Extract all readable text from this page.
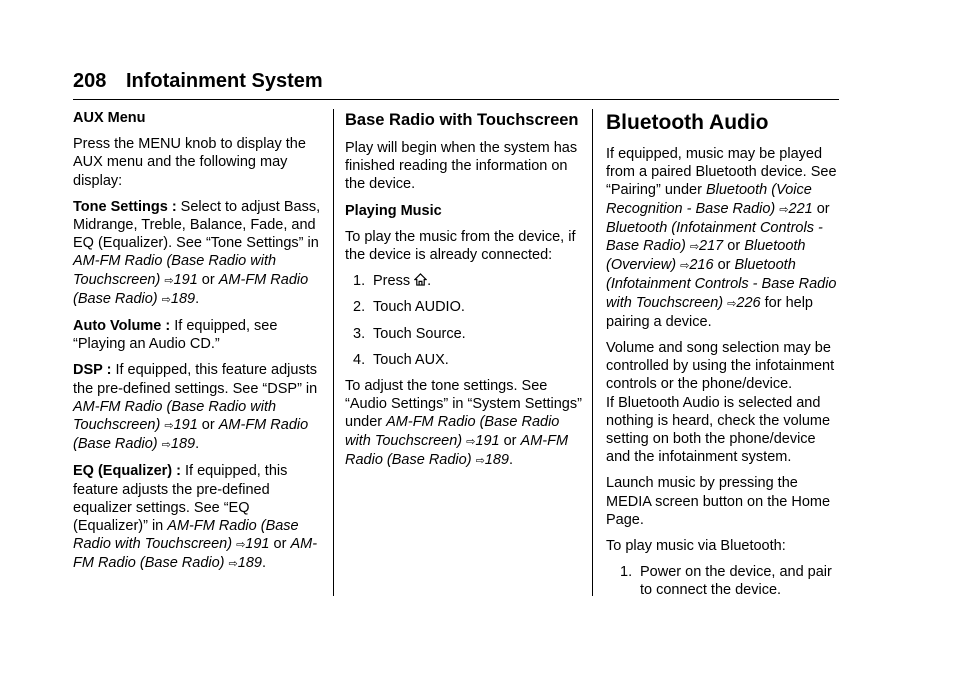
208 Infotainment System

AUX Menu

Press the MENU knob to display the AUX menu and the following may display:

Tone Settings : Select to adjust Bass, Midrange, Treble, Balance, Fade, and EQ (Equalizer). See “Tone Settings” in AM-FM Radio (Base Radio with Touchscreen) ⇨191 or AM-FM Radio (Base Radio) ⇨189.

Auto Volume : If equipped, see “Playing an Audio CD.”

DSP : If equipped, this feature adjusts the pre-defined settings. See “DSP” in AM-FM Radio (Base Radio with Touchscreen) ⇨191 or AM-FM Radio (Base Radio) ⇨189.

EQ (Equalizer) : If equipped, this feature adjusts the pre-defined equalizer settings. See “EQ (Equalizer)” in AM-FM Radio (Base Radio with Touchscreen) ⇨191 or AM-FM Radio (Base Radio) ⇨189.

Base Radio with Touchscreen

Play will begin when the system has finished reading the information on the device.

Playing Music

To play the music from the device, if the device is already connected:

1. Press .
2. Touch AUDIO.
3. Touch Source.
4. Touch AUX.

To adjust the tone settings. See “Audio Settings” in “System Settings” under AM-FM Radio (Base Radio with Touchscreen) ⇨191 or AM-FM Radio (Base Radio) ⇨189.

Bluetooth Audio

If equipped, music may be played from a paired Bluetooth device. See “Pairing” under Bluetooth (Voice Recognition - Base Radio) ⇨221 or Bluetooth (Infotainment Controls - Base Radio) ⇨217 or Bluetooth (Overview) ⇨216 or Bluetooth (Infotainment Controls - Base Radio with Touchscreen) ⇨226 for help pairing a device.

Volume and song selection may be controlled by using the infotainment controls or the phone/device.

If Bluetooth Audio is selected and nothing is heard, check the volume setting on both the phone/device and the infotainment system.

Launch music by pressing the MEDIA screen button on the Home Page.

To play music via Bluetooth:

1. Power on the device, and pair to connect the device.
